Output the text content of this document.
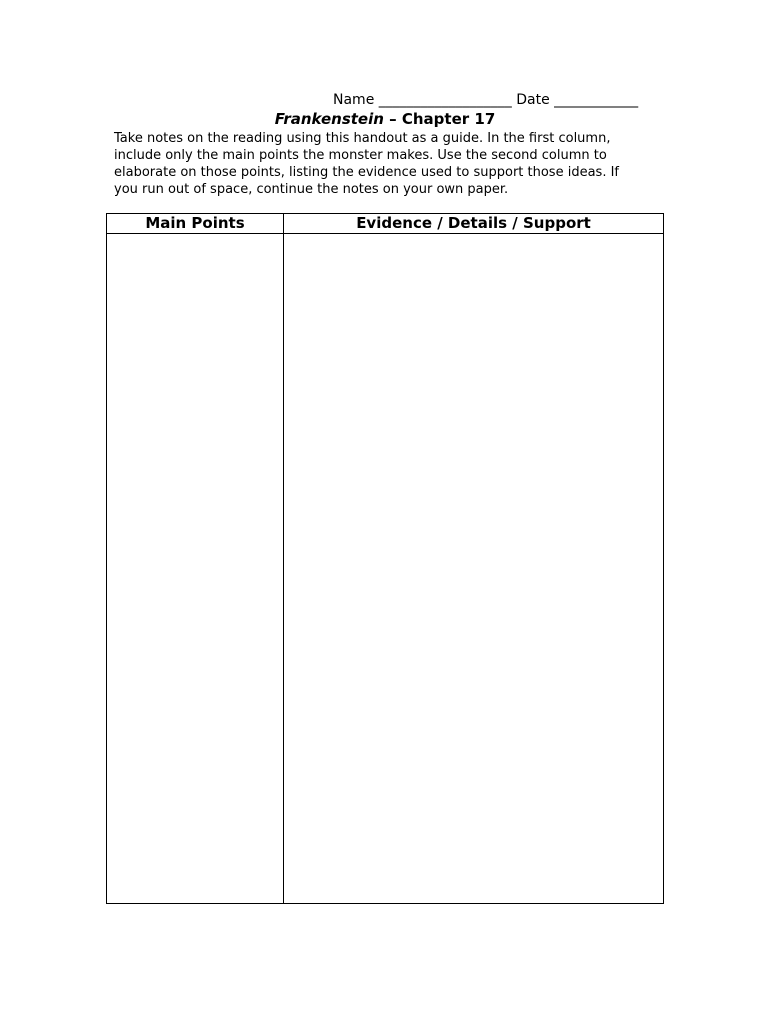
Name ___________________ Date ____________
Frankenstein – Chapter 17
Take notes on the reading using this handout as a guide. In the first column,
include only the main points the monster makes. Use the second column to
elaborate on those points, listing the evidence used to support those ideas. If
you run out of space, continue the notes on your own paper.
Main Points	Evidence / Details / Support
